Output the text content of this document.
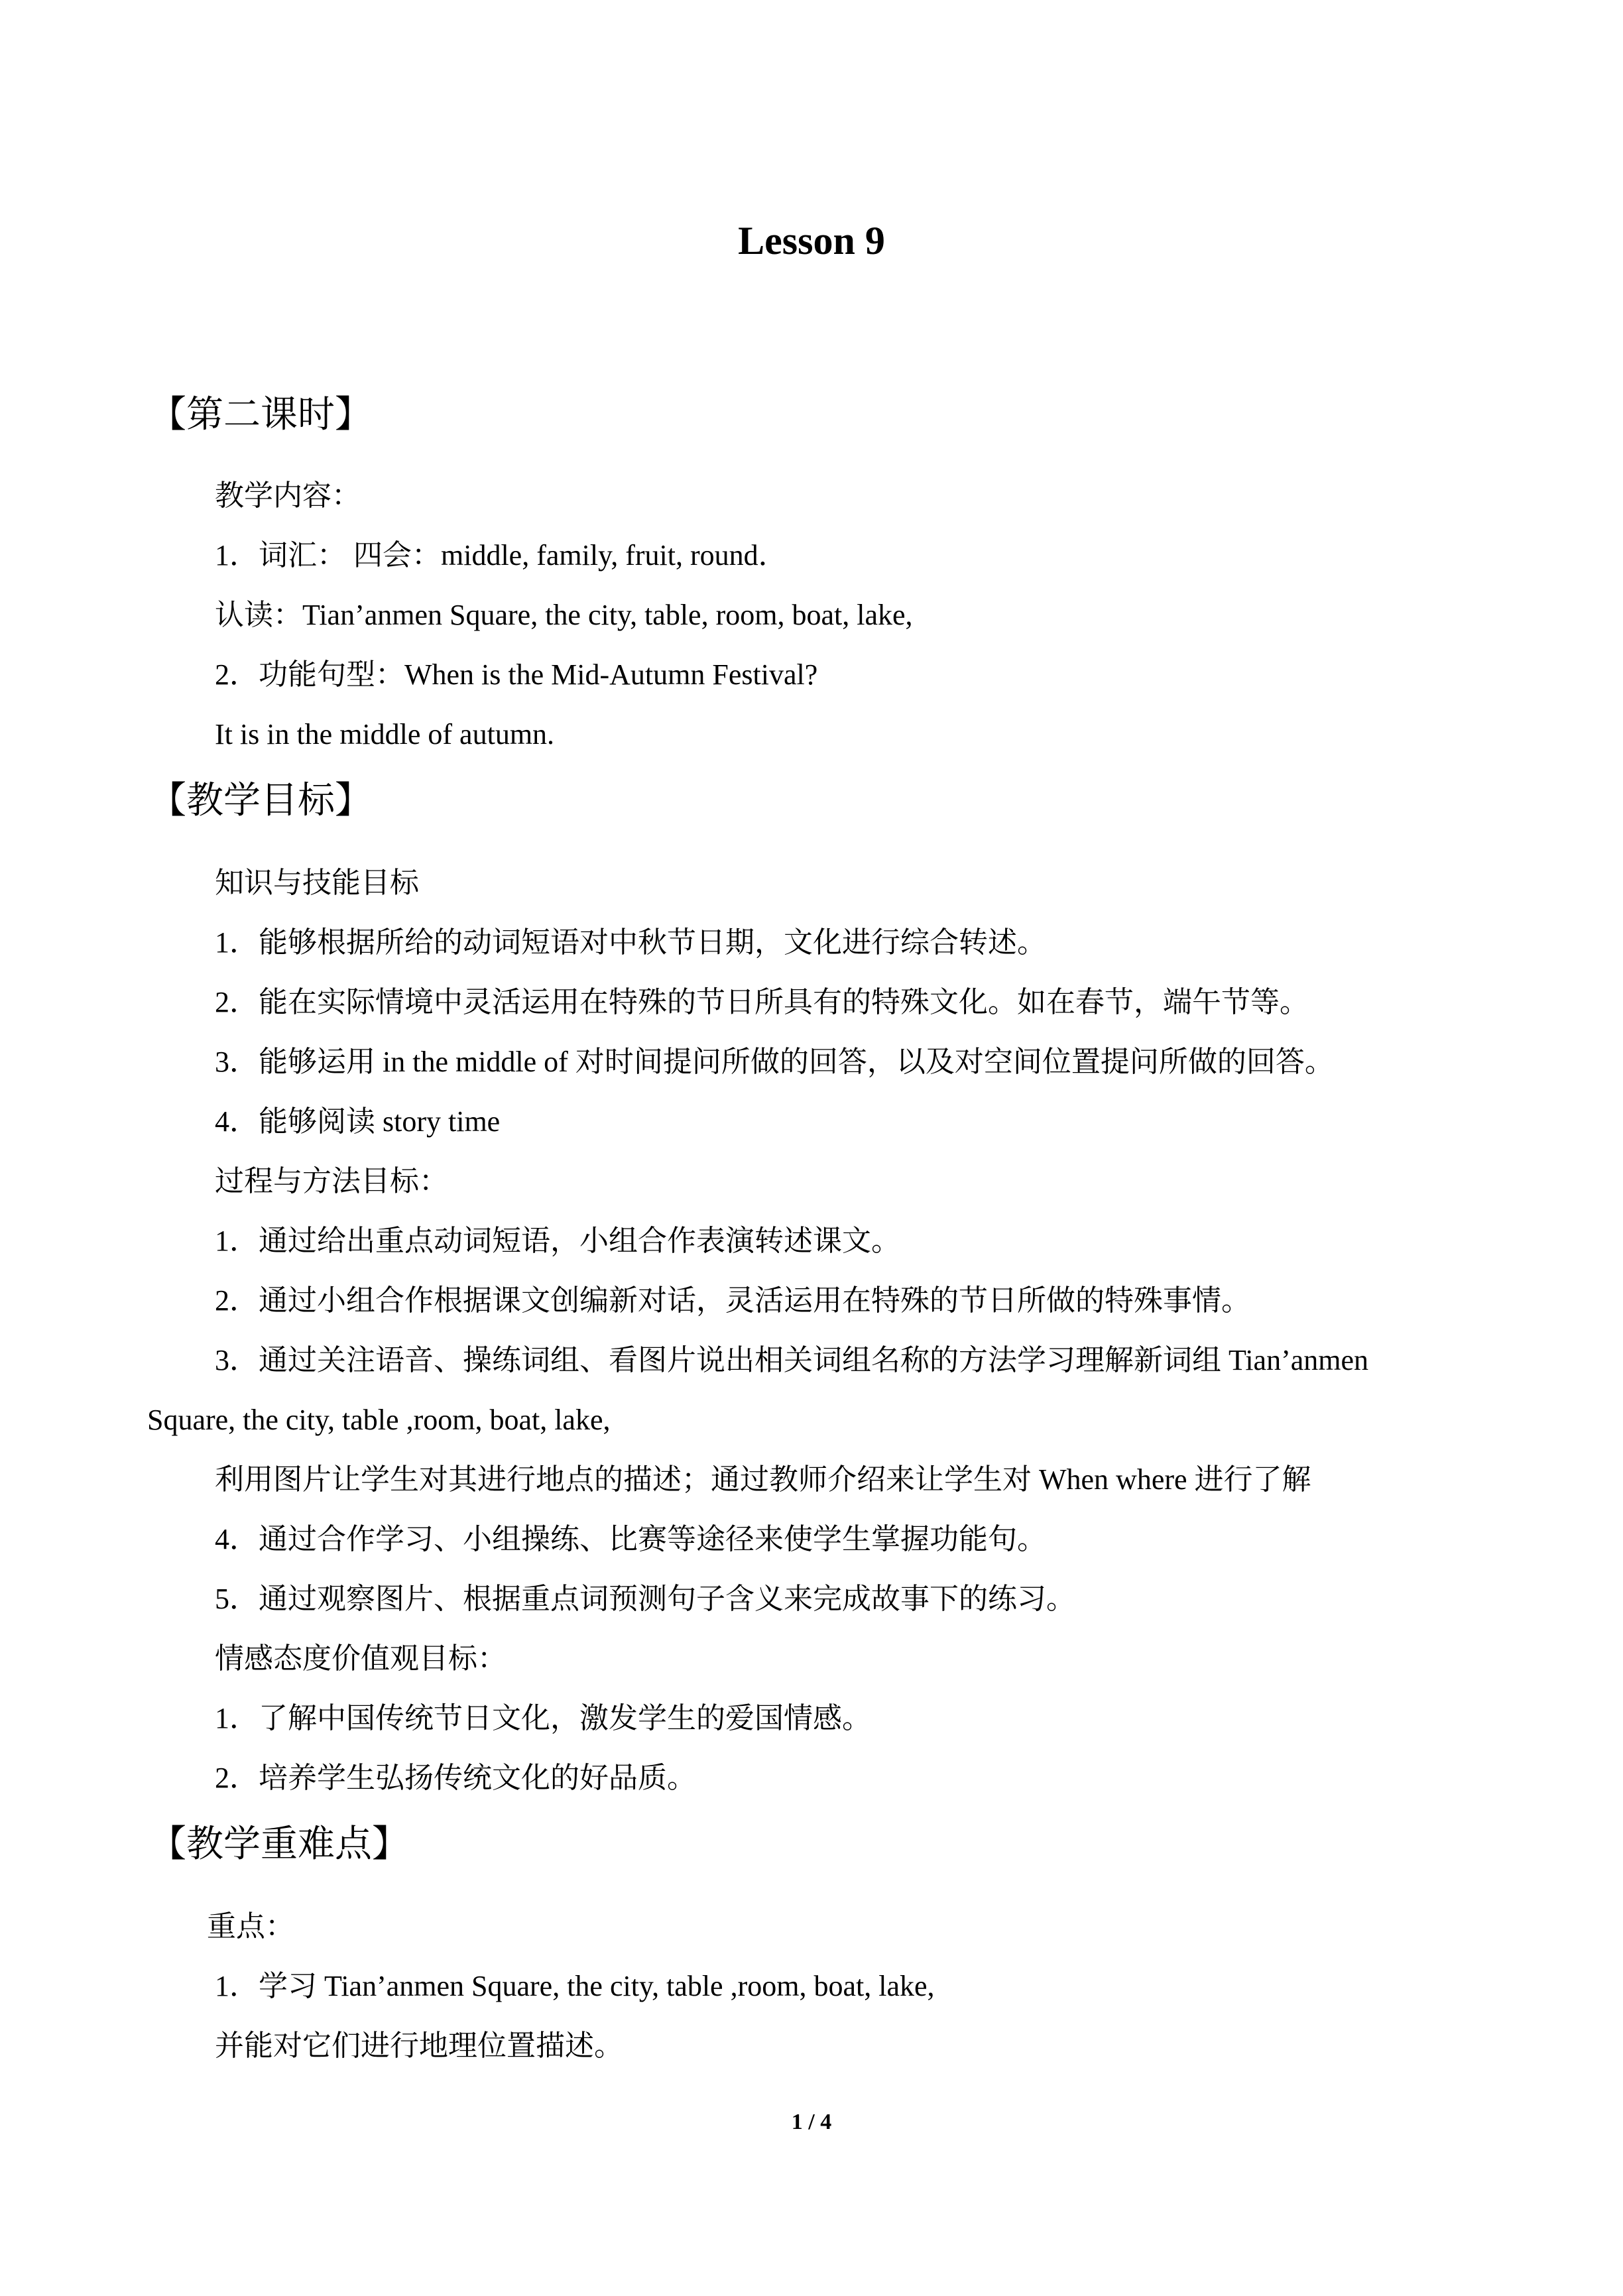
Lesson 9
【第二课时】
教学内容：
1．词汇： 四会：middle, family, fruit, round．
认读：Tian’anmen Square, the city, table, room, boat, lake,
2．功能句型：When is the Mid-Autumn Festival?
It is in the middle of autumn.
【教学目标】
知识与技能目标
1．能够根据所给的动词短语对中秋节日期，文化进行综合转述。
2．能在实际情境中灵活运用在特殊的节日所具有的特殊文化。如在春节，端午节等。
3．能够运用 in the middle of 对时间提问所做的回答，以及对空间位置提问所做的回答。
4．能够阅读 story time
过程与方法目标：
1．通过给出重点动词短语，小组合作表演转述课文。
2．通过小组合作根据课文创编新对话，灵活运用在特殊的节日所做的特殊事情。
3．通过关注语音、操练词组、看图片说出相关词组名称的方法学习理解新词组 Tian’anmen
Square, the city, table ,room, boat, lake,
利用图片让学生对其进行地点的描述；通过教师介绍来让学生对 When where 进行了解
4．通过合作学习、小组操练、比赛等途径来使学生掌握功能句。
5．通过观察图片、根据重点词预测句子含义来完成故事下的练习。
情感态度价值观目标：
1．了解中国传统节日文化，激发学生的爱国情感。
2．培养学生弘扬传统文化的好品质。
【教学重难点】
重点：
1．学习 Tian’anmen Square, the city, table ,room, boat, lake,
并能对它们进行地理位置描述。
1 / 4
